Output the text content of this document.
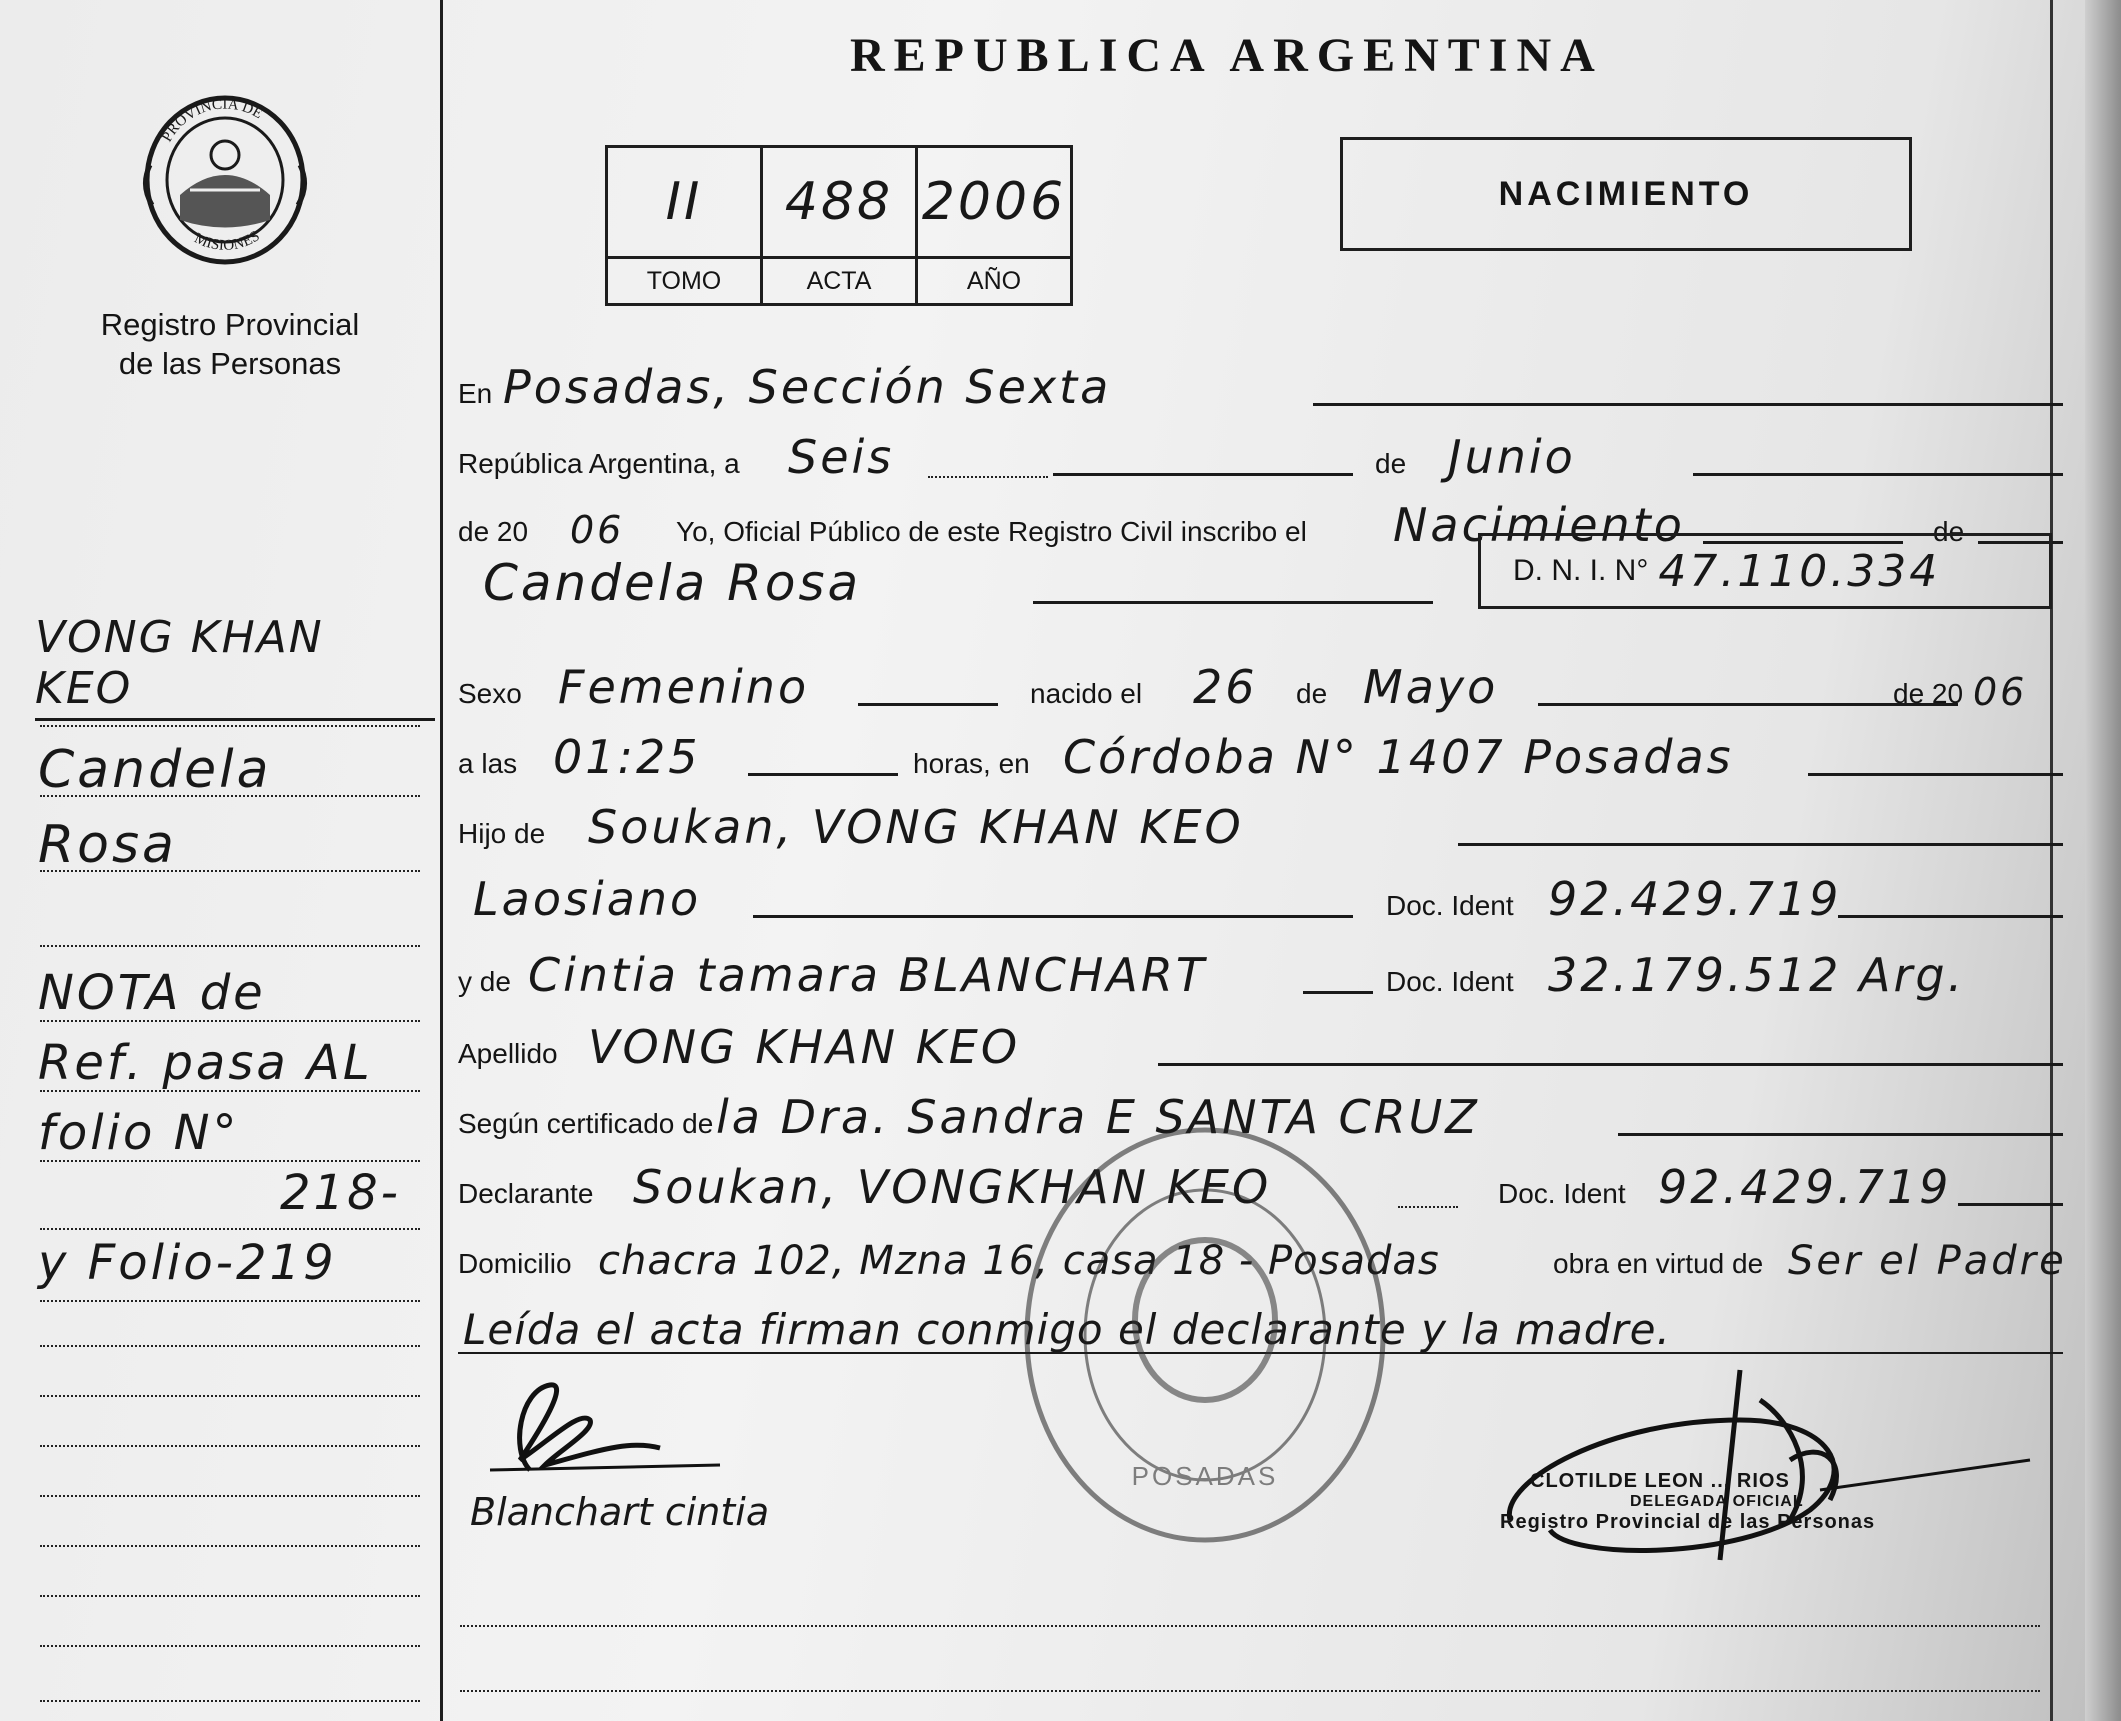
REPUBLICA ARGENTINA
PROVINCIA DE
MISIONES
Registro Provincial
de las Personas
II	488	2006
TOMO	ACTA	AÑO
NACIMIENTO
En Posadas, Sección Sexta
República Argentina, a Seis	de Junio
de 20 06 Yo, Oficial Público de este Registro Civil inscribo el Nacimiento	de
Candela Rosa	D. N. I. N° 47.110.334
Sexo Femenino	nacido el 26 de Mayo	de 20 06
a las 01:25	horas, en Córdoba N° 1407 Posadas
Hijo de Soukan, VONG KHAN KEO
Laosiano	Doc. Ident 92.429.719
y de Cintia tamara BLANCHART	Doc. Ident 32.179.512 Arg.
Apellido VONG KHAN KEO
Según certificado de la Dra. Sandra E SANTA CRUZ
Declarante Soukan, VONGKHAN KEO	Doc. Ident 92.429.719
Domicilio chacra 102, Mzna 16, casa 18 - Posadas	obra en virtud de Ser el Padre
Leída el acta firman conmigo el declarante y la madre.
Blanchart cintia
POSADAS	CLOTILDE LEON ... RIOS
DELEGADA OFICIAL
Registro Provincial de las Personas
VONG KHAN KEO
Candela
Rosa
NOTA de
Ref. pasa AL
folio N°
218-
y Folio-219
